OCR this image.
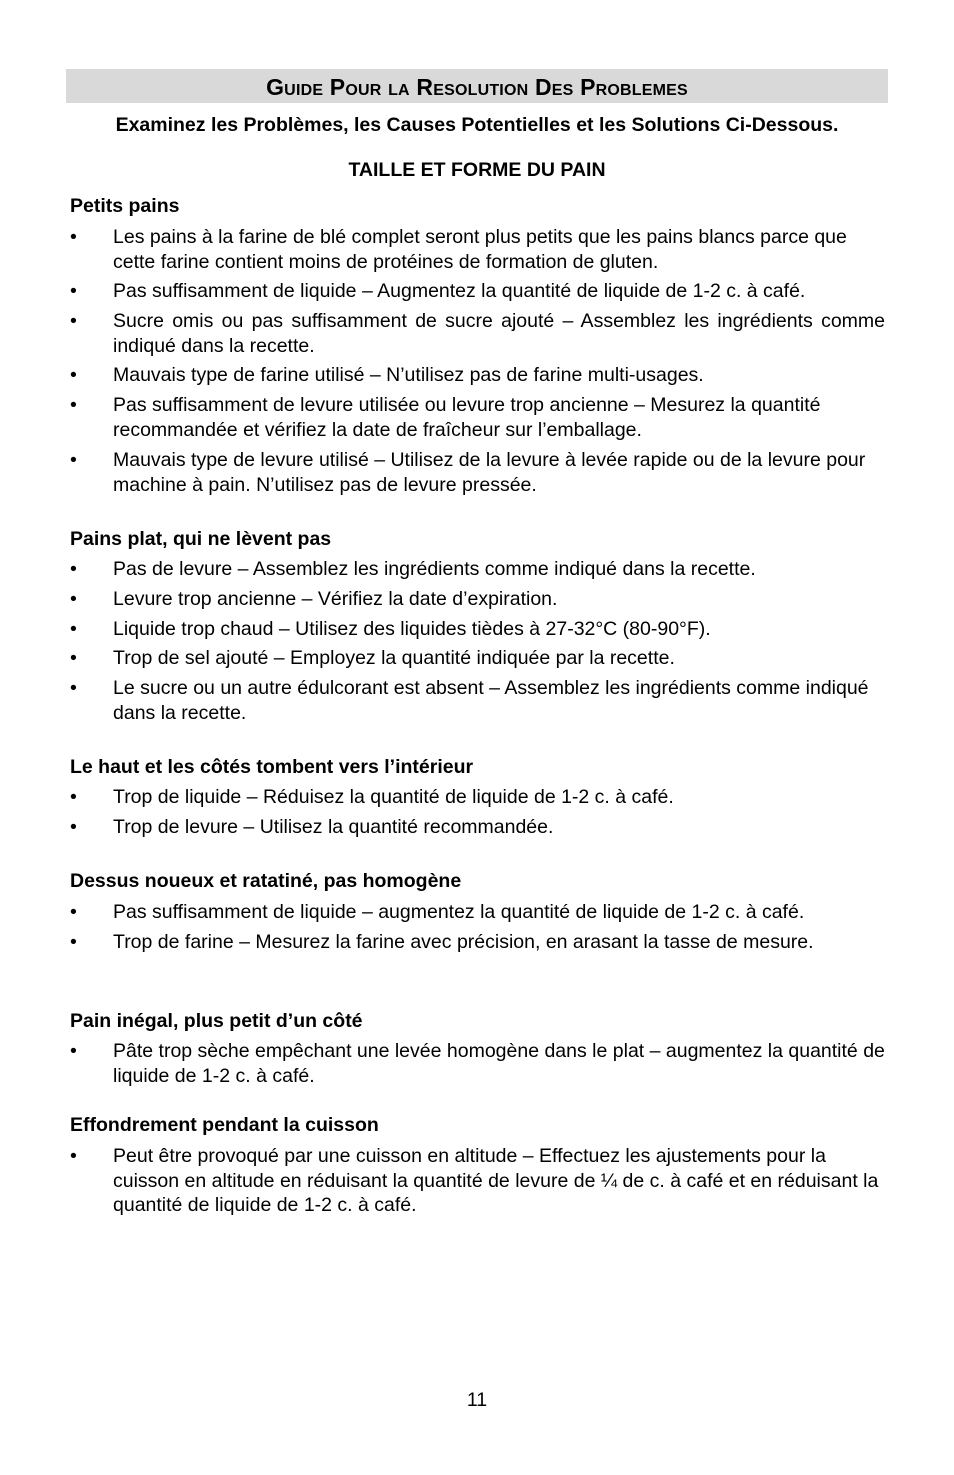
Guide Pour la Resolution Des Problemes
Examinez les Problèmes, les Causes Potentielles et les Solutions Ci-Dessous.
TAILLE ET FORME DU PAIN
Petits pains
•	Les pains à la farine de blé complet seront plus petits que les pains blancs parce que cette farine contient moins de protéines de formation de gluten.
•	Pas suffisamment de liquide – Augmentez la quantité de liquide de 1-2 c. à café.
•	Sucre omis ou pas suffisamment de sucre ajouté – Assemblez les ingrédients comme indiqué dans la recette.
•	Mauvais type de farine utilisé – N’utilisez pas de farine multi-usages.
•	Pas suffisamment de levure utilisée ou levure trop ancienne – Mesurez la quantité recommandée et vérifiez la date de fraîcheur sur l’emballage.
•	Mauvais type de levure utilisé – Utilisez de la levure à levée rapide ou de la levure pour machine à pain. N’utilisez pas de levure pressée.
Pains plat, qui ne lèvent pas
•	Pas de levure – Assemblez les ingrédients comme indiqué dans la recette.
•	Levure trop ancienne – Vérifiez la date d’expiration.
•	Liquide trop chaud – Utilisez des liquides tièdes à 27-32°C (80-90°F).
•	Trop de sel ajouté – Employez la quantité indiquée par la recette.
•	Le sucre ou un autre édulcorant est absent – Assemblez les ingrédients comme indiqué dans la recette.
Le haut et les côtés tombent vers l’intérieur
•	Trop de liquide – Réduisez la quantité de liquide de 1-2 c. à café.
•	Trop de levure – Utilisez la quantité recommandée.
Dessus noueux et ratatiné, pas homogène
•	Pas suffisamment de liquide – augmentez la quantité de liquide de 1-2 c. à café.
•	Trop de farine – Mesurez la farine avec précision, en arasant la tasse de mesure.
Pain inégal, plus petit d’un côté
•	Pâte trop sèche empêchant une levée homogène dans le plat – augmentez la quantité de liquide de 1-2 c. à café.
Effondrement pendant la cuisson
•	Peut être provoqué par une cuisson en altitude – Effectuez les ajustements pour la cuisson en altitude en réduisant la quantité de levure de ¼ de c. à café et en réduisant la quantité de liquide de 1-2 c. à café.
11
